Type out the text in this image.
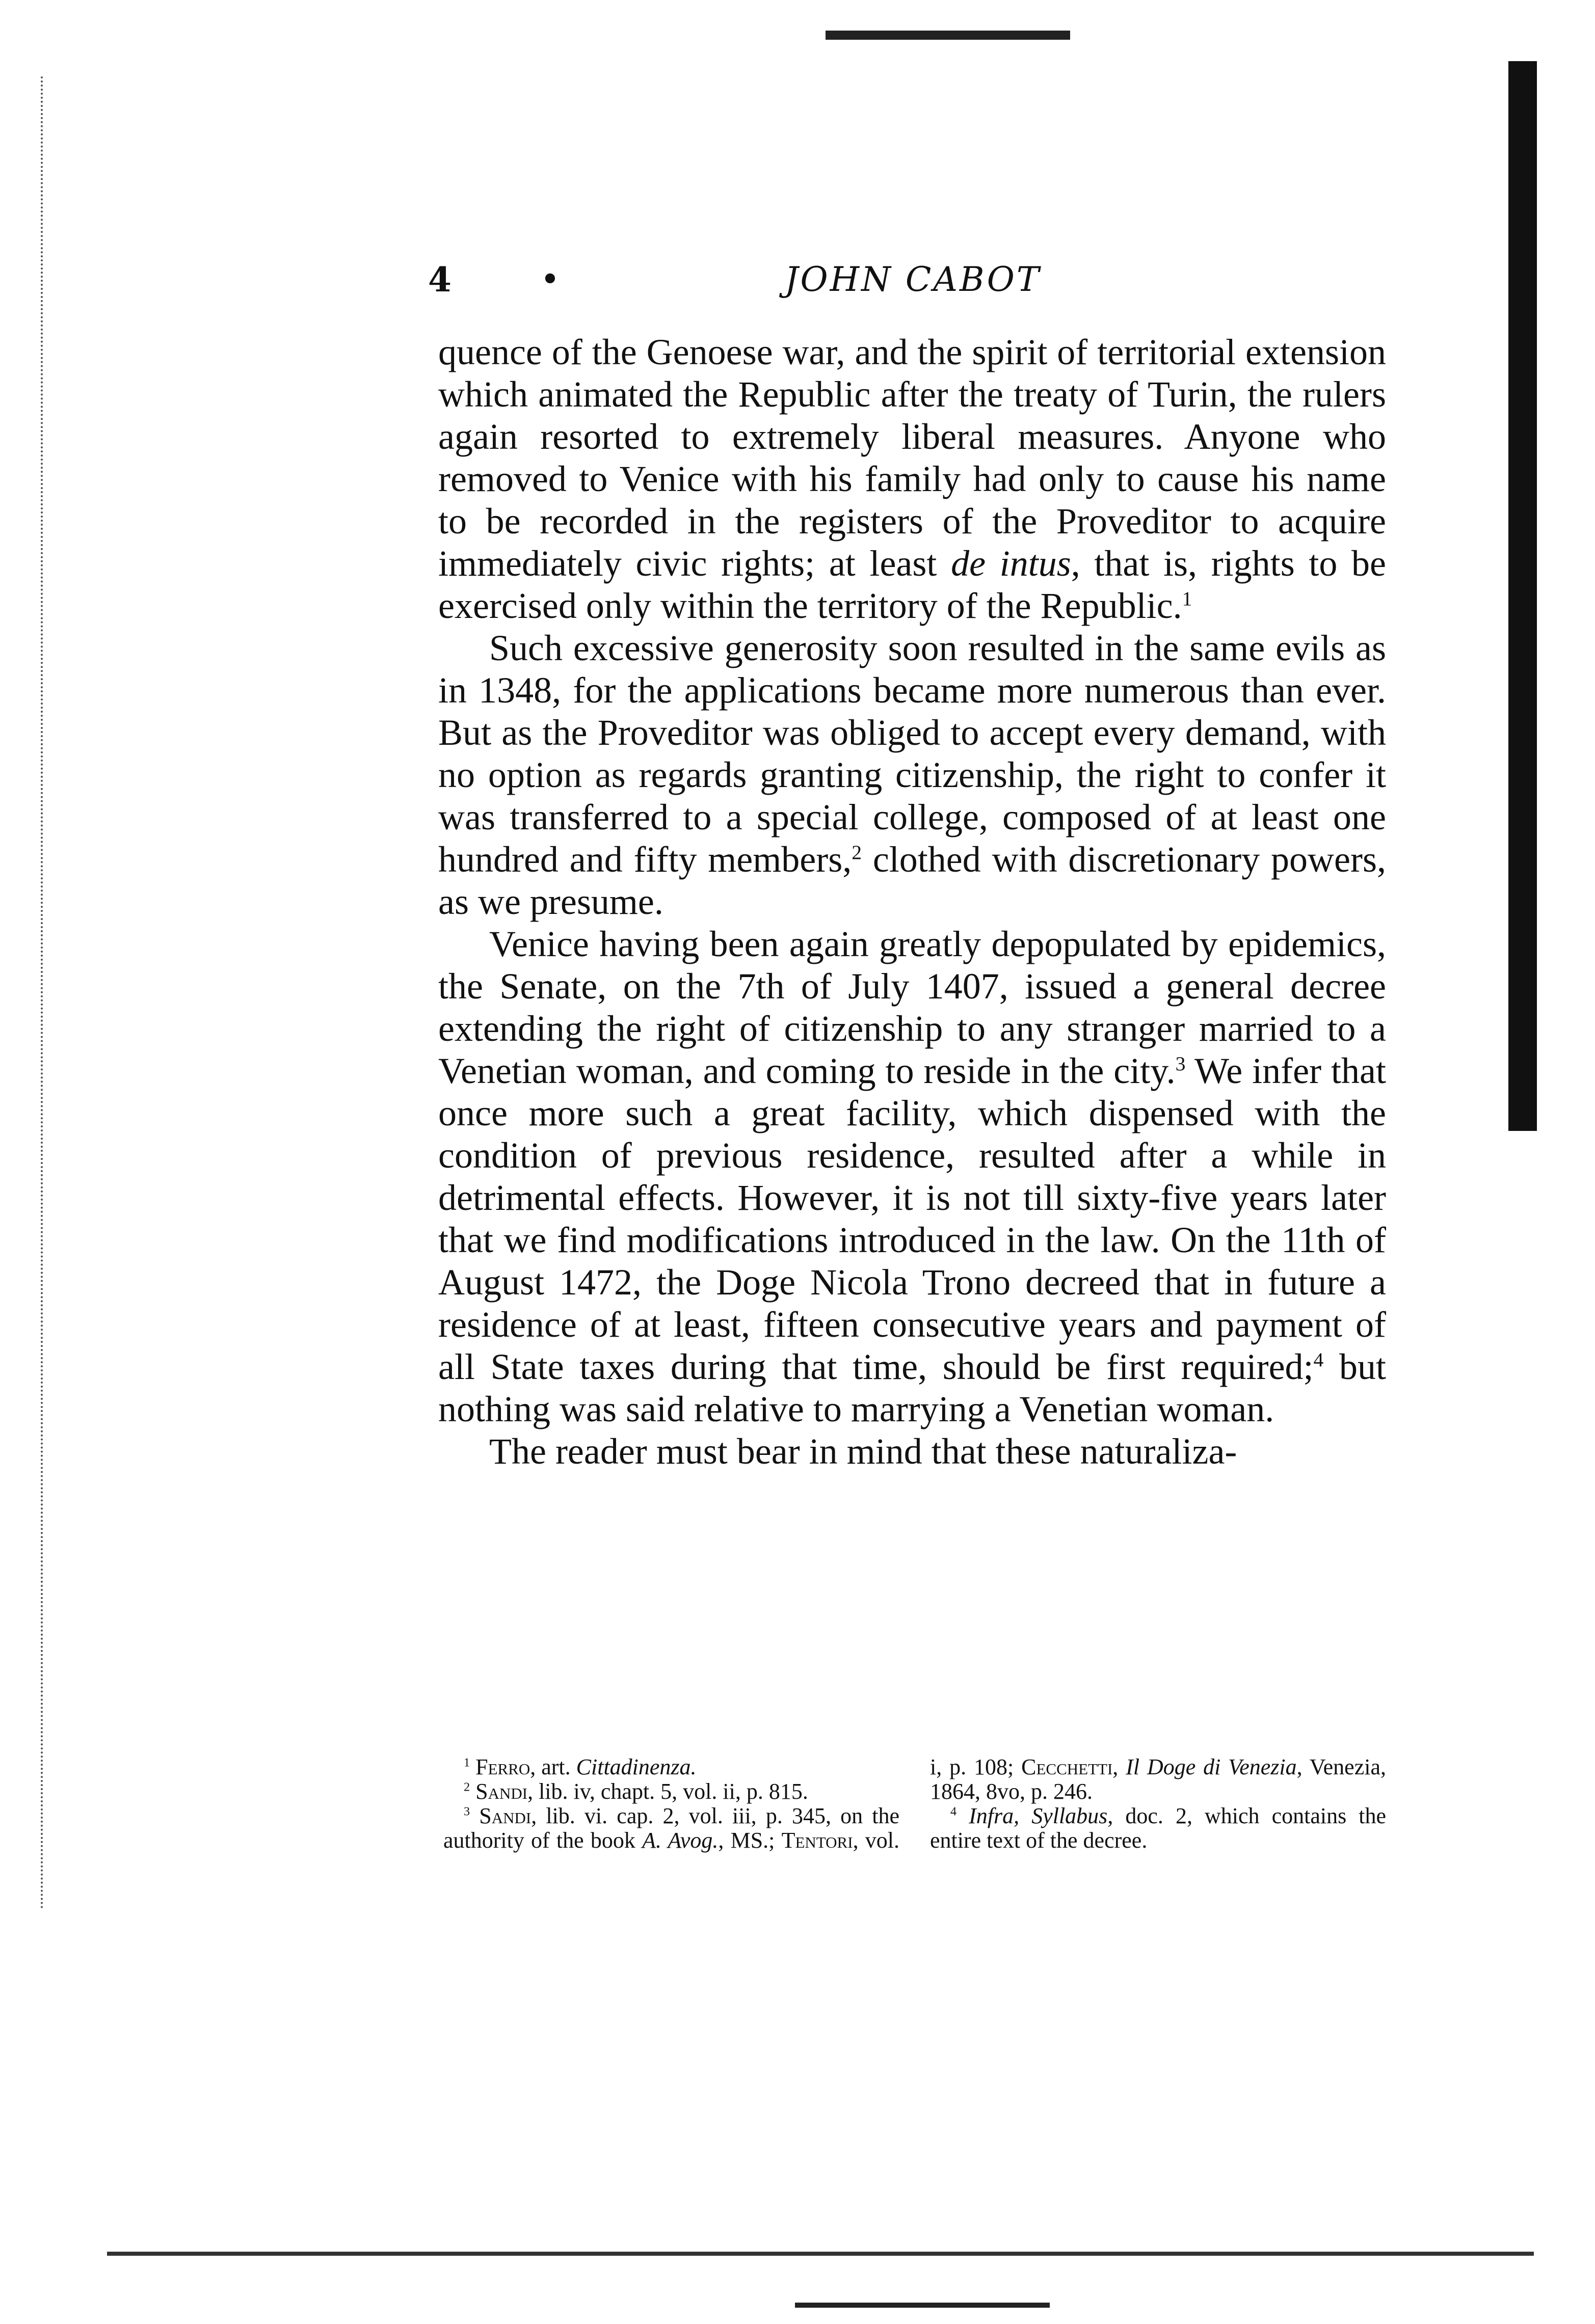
4	•	JOHN CABOT

quence of the Genoese war, and the spirit of territorial extension which animated the Republic after the treaty of Turin, the rulers again resorted to extremely liberal measures. Anyone who removed to Venice with his family had only to cause his name to be recorded in the registers of the Proveditor to acquire immediately civic rights; at least de intus, that is, rights to be exercised only within the territory of the Republic.$^1$

Such excessive generosity soon resulted in the same evils as in 1348, for the applications became more numerous than ever. But as the Proveditor was obliged to accept every demand, with no option as regards granting citizenship, the right to confer it was transferred to a special college, composed of at least one hundred and fifty members,$^2$ clothed with discretionary powers, as we presume.

Venice having been again greatly depopulated by epidemics, the Senate, on the 7th of July 1407, issued a general decree extending the right of citizenship to any stranger married to a Venetian woman, and coming to reside in the city.$^3$ We infer that once more such a great facility, which dispensed with the condition of previous residence, resulted after a while in detrimental effects. However, it is not till sixty-five years later that we find modifications introduced in the law. On the 11th of August 1472, the Doge Nicola Trono decreed that in future a residence of at least, fifteen consecutive years and payment of all State taxes during that time, should be first required;$^4$ but nothing was said relative to marrying a Venetian woman.

The reader must bear in mind that these naturaliza-

$^1$ Ferro, art. Cittadinenza.

$^2$ Sandi, lib. iv, chapt. 5, vol. ii, p. 815.

$^3$ Sandi, lib. vi. cap. 2, vol. iii, p. 345, on the authority of the book A. Avog., MS.; Tentori, vol. i, p. 108; Cecchetti, Il Doge di Venezia, Venezia, 1864, 8vo, p. 246.

$^4$ Infra, Syllabus, doc. 2, which contains the entire text of the decree.
